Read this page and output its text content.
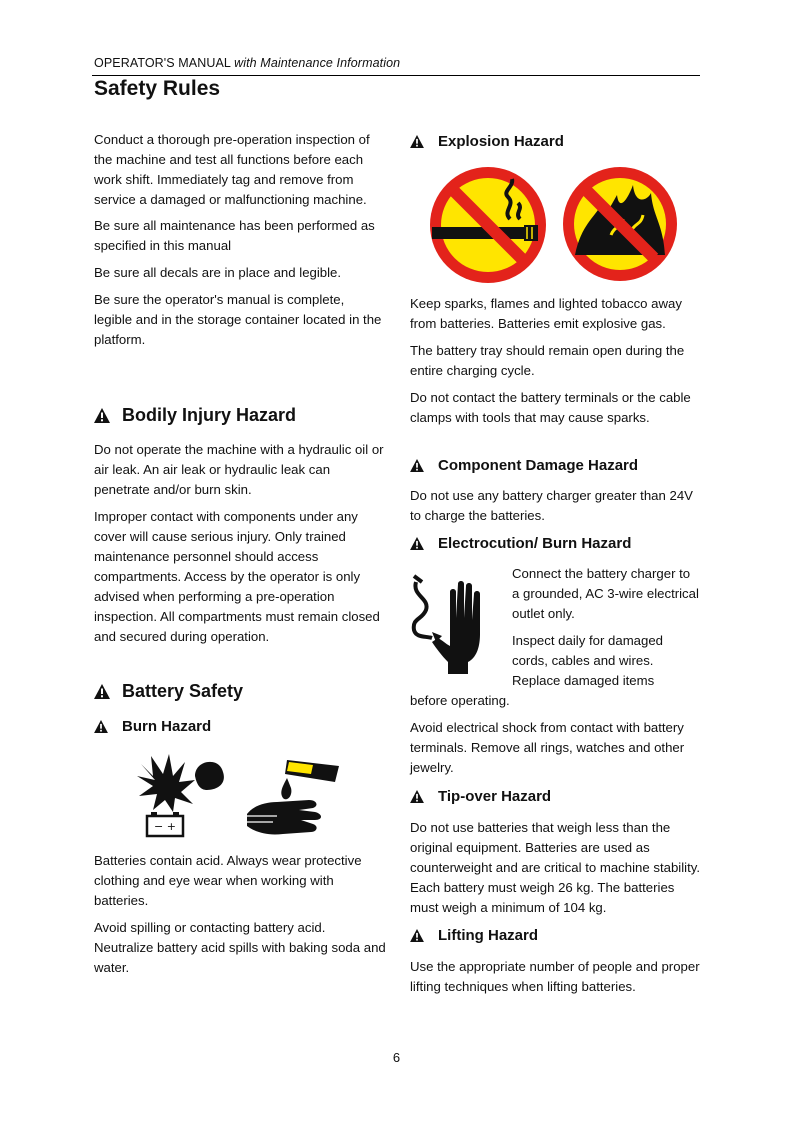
OPERATOR'S MANUAL with Maintenance Information
Safety Rules

Conduct a thorough pre-operation inspection of the machine and test all functions before each work shift. Immediately tag and remove from service a damaged or malfunctioning machine.

Be sure all maintenance has been performed as specified in this manual

Be sure all decals are in place and legible.

Be sure the operator's manual is complete, legible and in the storage container located in the platform.

Bodily Injury Hazard

Do not operate the machine with a hydraulic oil or air leak. An air leak or hydraulic leak can penetrate and/or burn skin.

Improper contact with components under any cover will cause serious injury. Only trained maintenance personnel should access compartments. Access by the operator is only advised when performing a pre-operation inspection. All compartments must remain closed and secured during operation.

Battery Safety
Burn Hazard
− +

Batteries contain acid. Always wear protective clothing and eye wear when working with batteries.

Avoid spilling or contacting battery acid. Neutralize battery acid spills with baking soda and water.

Explosion Hazard

Keep sparks, flames and lighted tobacco away from batteries. Batteries emit explosive gas.

The battery tray should remain open during the entire charging cycle.

Do not contact the battery terminals or the cable clamps with tools that may cause sparks.

Component Damage Hazard

Do not use any battery charger greater than 24V to charge the batteries.

Electrocution/ Burn Hazard

Connect the battery charger to a grounded, AC 3-wire electrical outlet only.

Inspect daily for damaged cords, cables and wires. Replace damaged items

before operating.

Avoid electrical shock from contact with battery terminals. Remove all rings, watches and other jewelry.

Tip-over Hazard

Do not use batteries that weigh less than the original equipment. Batteries are used as counterweight and are critical to machine stability. Each battery must weigh 26 kg. The batteries must weigh a minimum of 104 kg.

Lifting Hazard

Use the appropriate number of people and proper lifting techniques when lifting batteries.

6
